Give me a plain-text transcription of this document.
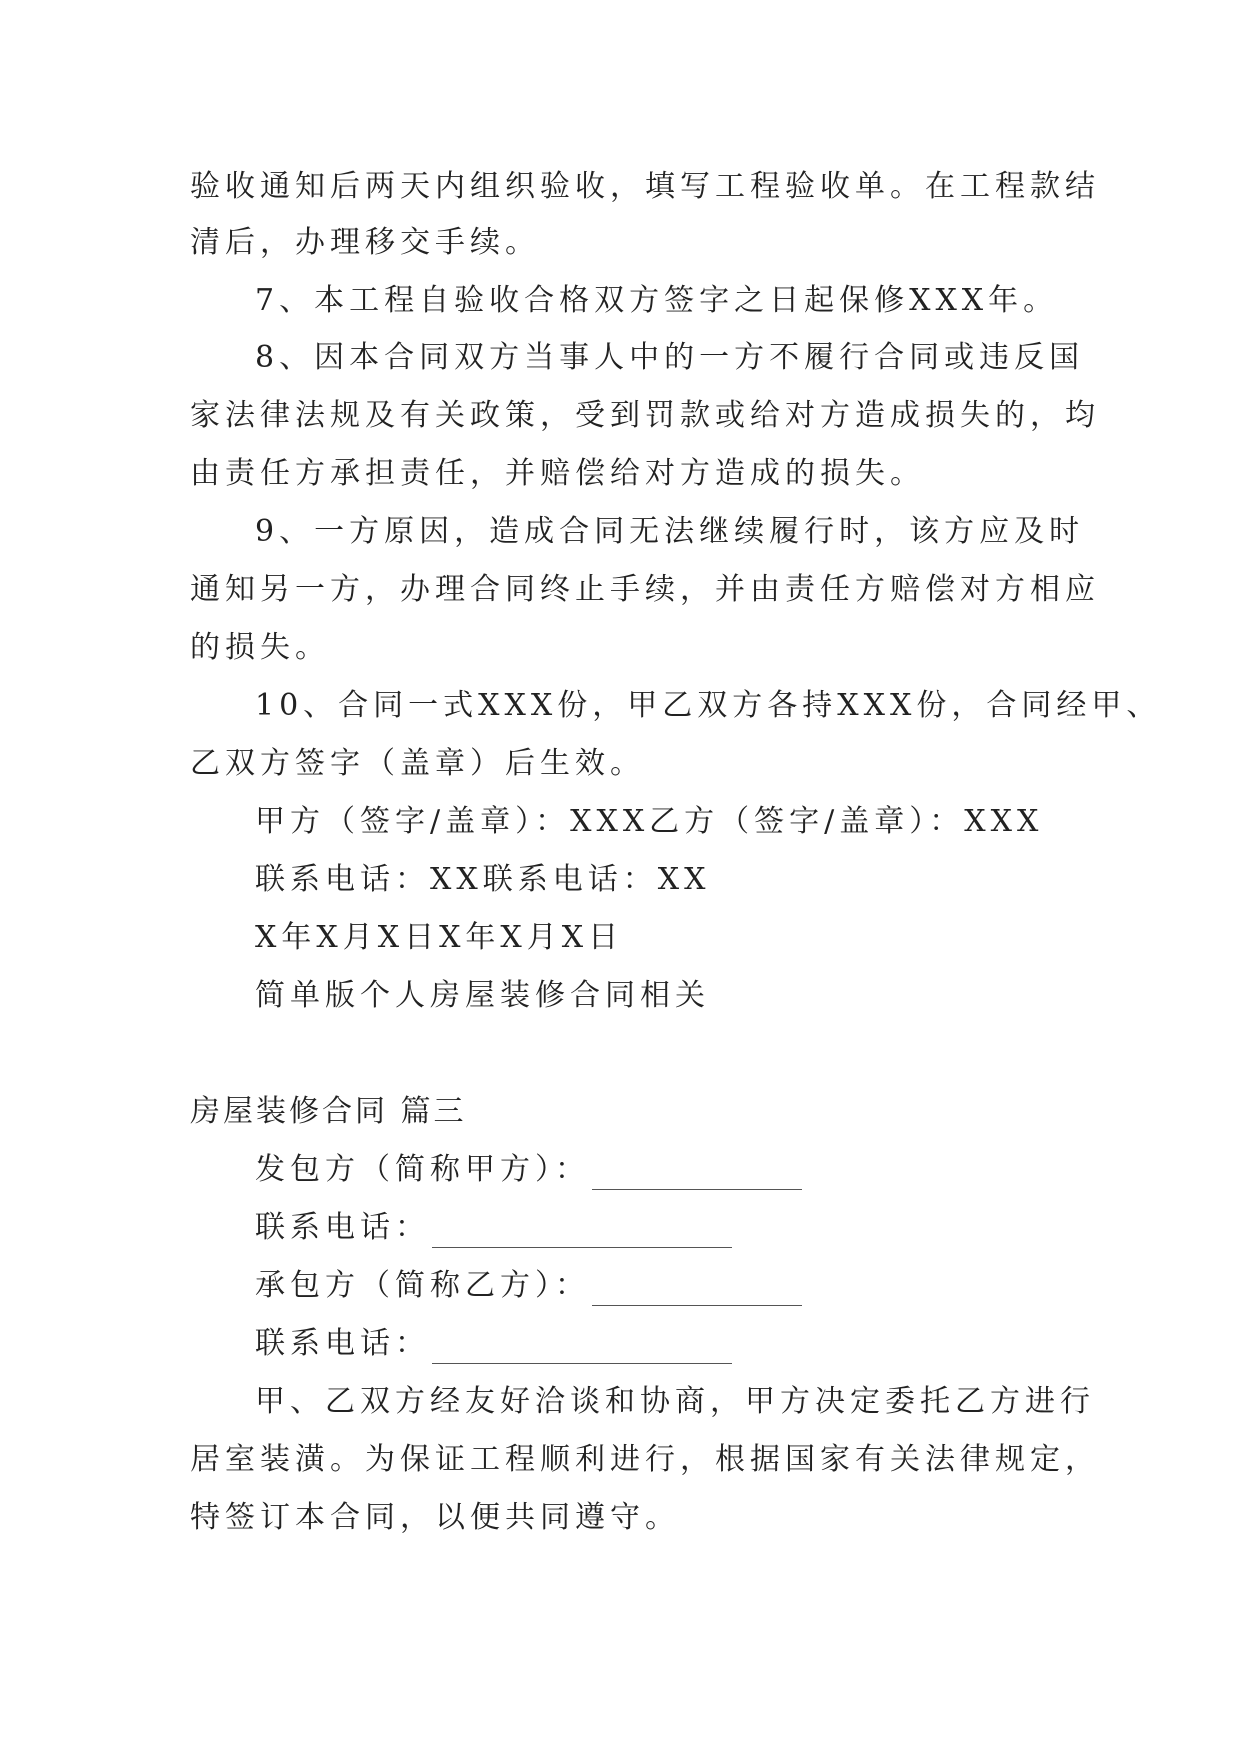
验收通知后两天内组织验收，填写工程验收单。在工程款结
清后，办理移交手续。
7、本工程自验收合格双方签字之日起保修XXX年。
8、因本合同双方当事人中的一方不履行合同或违反国
家法律法规及有关政策，受到罚款或给对方造成损失的，均
由责任方承担责任，并赔偿给对方造成的损失。
9、一方原因，造成合同无法继续履行时，该方应及时
通知另一方，办理合同终止手续，并由责任方赔偿对方相应
的损失。
10、合同一式XXX份，甲乙双方各持XXX份，合同经甲、
乙双方签字（盖章）后生效。
甲方（签字/盖章）：XXX乙方（签字/盖章）：XXX
联系电话：XX联系电话：XX
X年X月X日X年X月X日
简单版个人房屋装修合同相关
房屋装修合同 篇三
发包方（简称甲方）：
联系电话：
承包方（简称乙方）：
联系电话：
甲、乙双方经友好洽谈和协商，甲方决定委托乙方进行
居室装潢。为保证工程顺利进行，根据国家有关法律规定，
特签订本合同，以便共同遵守。
